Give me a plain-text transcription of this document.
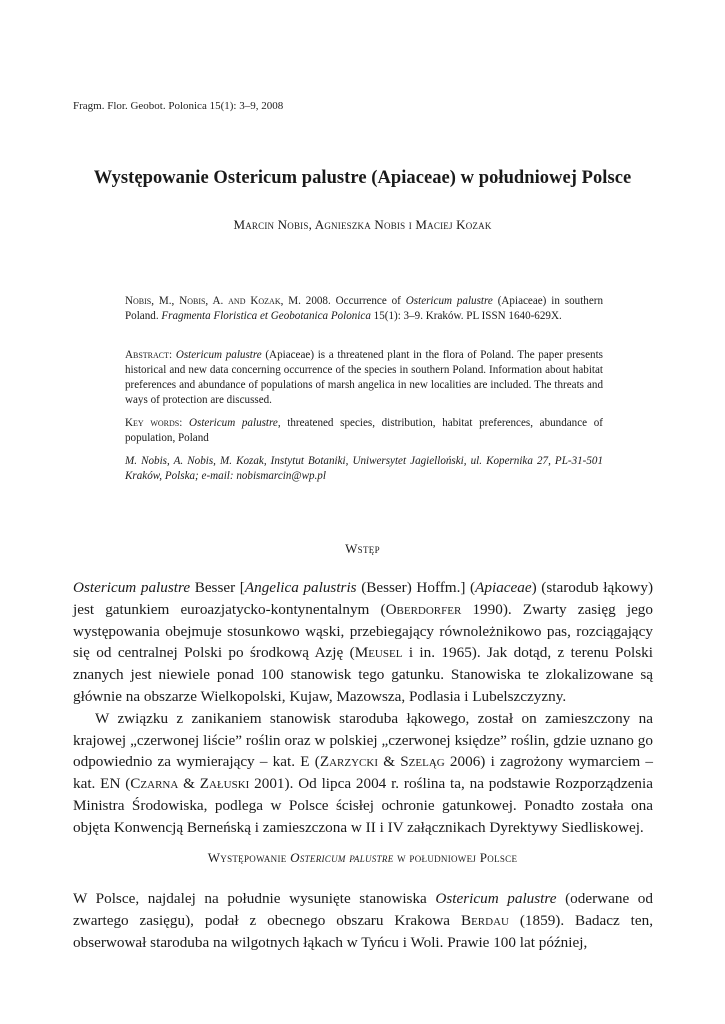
Fragm. Flor. Geobot. Polonica 15(1): 3–9, 2008
Występowanie Ostericum palustre (Apiaceae) w południowej Polsce
Marcin Nobis, Agnieszka Nobis i Maciej Kozak
Nobis, M., Nobis, A. and Kozak, M. 2008. Occurrence of Ostericum palustre (Apiaceae) in southern Poland. Fragmenta Floristica et Geobotanica Polonica 15(1): 3–9. Kraków. PL ISSN 1640-629X.
Abstract: Ostericum palustre (Apiaceae) is a threatened plant in the flora of Poland. The paper presents historical and new data concerning occurrence of the species in southern Poland. Information about habitat preferences and abundance of populations of marsh angelica in new localities are included. The threats and ways of protection are discussed.
Key words: Ostericum palustre, threatened species, distribution, habitat preferences, abundance of population, Poland
M. Nobis, A. Nobis, M. Kozak, Instytut Botaniki, Uniwersytet Jagielloński, ul. Kopernika 27, PL-31-501 Kraków, Polska; e-mail: nobismarcin@wp.pl
Wstęp

Ostericum palustre Besser [Angelica palustris (Besser) Hoffm.] (Apiaceae) (starodub łąkowy) jest gatunkiem euroazjatycko-kontynentalnym (Oberdorfer 1990). Zwarty zasięg jego występowania obejmuje stosunkowo wąski, przebiegający równoleżnikowo pas, rozciągający się od centralnej Polski po środkową Azję (Meusel i in. 1965). Jak dotąd, z terenu Polski znanych jest niewiele ponad 100 stanowisk tego gatunku. Stanowiska te zlokalizowane są głównie na obszarze Wielkopolski, Kujaw, Mazowsza, Podlasia i Lubelszczyzny.

W związku z zanikaniem stanowisk staroduba łąkowego, został on zamieszczony na krajowej „czerwonej liście” roślin oraz w polskiej „czerwonej księdze” roślin, gdzie uznano go odpowiednio za wymierający – kat. E (Zarzycki & Szeląg 2006) i zagrożony wymarciem – kat. EN (Czarna & Załuski 2001). Od lipca 2004 r. roślina ta, na podstawie Rozporządzenia Ministra Środowiska, podlega w Polsce ścisłej ochronie gatunkowej. Ponadto została ona objęta Konwencją Berneńską i zamieszczona w II i IV załącznikach Dyrektywy Siedliskowej.

Występowanie Ostericum palustre w południowej Polsce

W Polsce, najdalej na południe wysunięte stanowiska Ostericum palustre (oderwane od zwartego zasięgu), podał z obecnego obszaru Krakowa Berdau (1859). Badacz ten, obserwował staroduba na wilgotnych łąkach w Tyńcu i Woli. Prawie 100 lat później,
